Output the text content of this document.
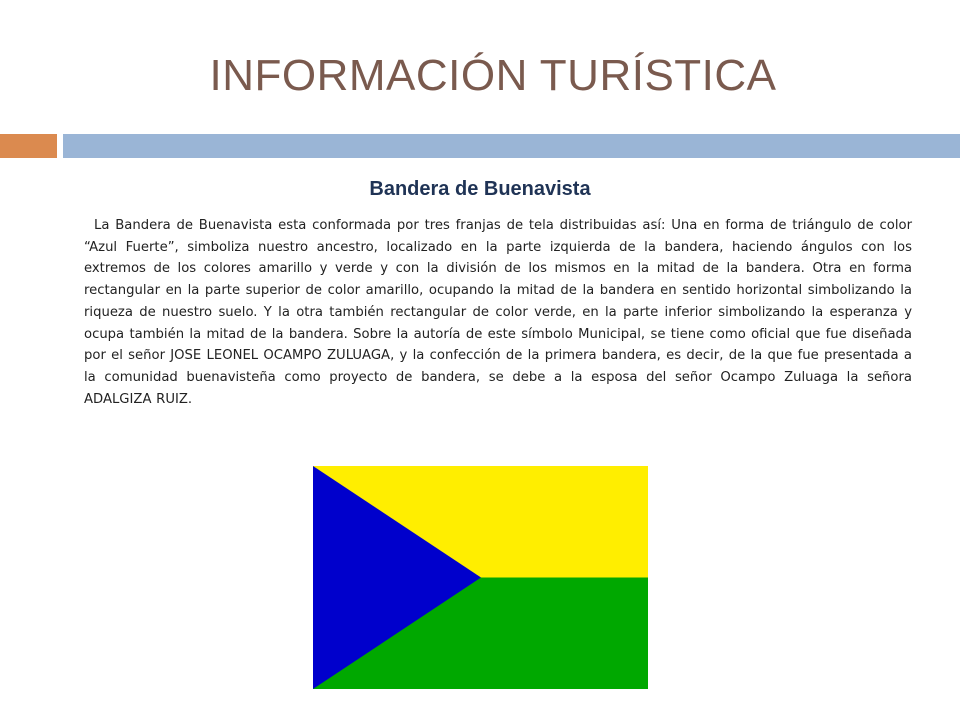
INFORMACIÓN TURÍSTICA
Bandera de Buenavista

La Bandera de Buenavista esta conformada por tres franjas de tela distribuidas así: Una en forma de triángulo de color “Azul Fuerte”, simboliza nuestro ancestro, localizado en la parte izquierda de la bandera, haciendo ángulos con los extremos de los colores amarillo y verde y con la división de los mismos en la mitad de la bandera. Otra en forma rectangular en la parte superior de color amarillo, ocupando la mitad de la bandera en sentido horizontal simbolizando la riqueza de nuestro suelo. Y la otra también rectangular de color verde, en la parte inferior simbolizando la esperanza y ocupa también la mitad de la bandera. Sobre la autoría de este símbolo Municipal, se tiene como oficial que fue diseñada por el señor JOSE LEONEL OCAMPO ZULUAGA, y la confección de la primera bandera, es decir, de la que fue presentada a la comunidad buenavisteña como proyecto de bandera, se debe a la esposa del señor Ocampo Zuluaga la señora ADALGIZA RUIZ.
